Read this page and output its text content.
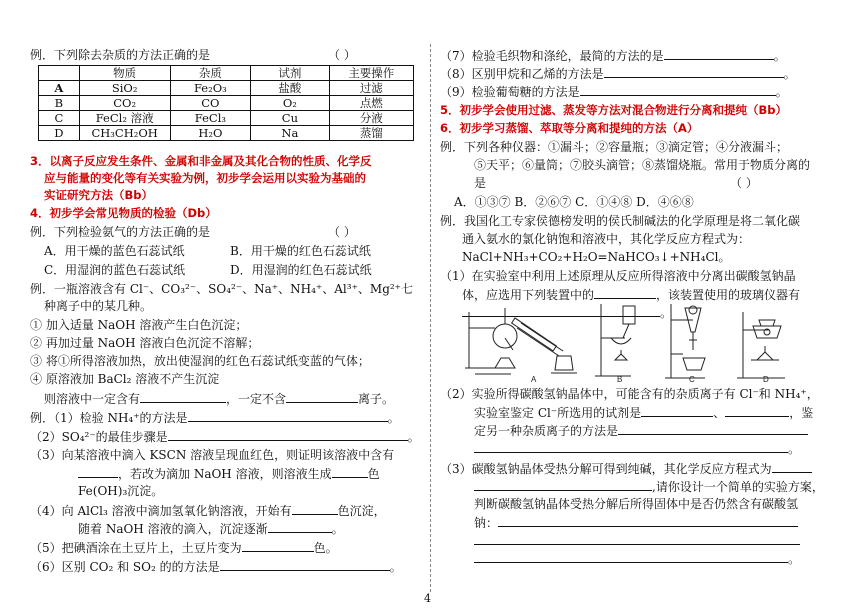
例．下列除去杂质的方法正确的是	（ ）
	物质	杂质	试剂	主要操作
A	SiO₂	Fe₂O₃	盐酸	过滤
B	CO₂	CO	O₂	点燃
C	FeCl₂ 溶液	FeCl₃	Cu	分液
D	CH₃CH₂OH	H₂O	Na	蒸馏
3．以离子反应发生条件、金属和非金属及其化合物的性质、化学反
应与能量的变化等有关实验为例，初步学会运用以实验为基础的
实证研究方法（Bb）
4．初步学会常见物质的检验（Db）
例．下列检验氨气的方法正确的是	（ ）
A．用干燥的蓝色石蕊试纸	B．用干燥的红色石蕊试纸
C．用湿润的蓝色石蕊试纸	D．用湿润的红色石蕊试纸
例．一瓶溶液含有 Cl⁻、CO₃²⁻、SO₄²⁻、Na⁺、NH₄⁺、Al³⁺、Mg²⁺七
种离子中的某几种。
① 加入适量 NaOH 溶液产生白色沉淀；
② 再加过量 NaOH 溶液白色沉淀不溶解；
③ 将①所得溶液加热，放出使湿润的红色石蕊试纸变蓝的气体；
④ 原溶液加 BaCl₂ 溶液不产生沉淀
则溶液中一定含有	，一定不含	离子。
例．（1）检验 NH₄⁺的方法是	。
（2）SO₄²⁻的最佳步骤是	。
（3）向某溶液中滴入 KSCN 溶液呈现血红色，则证明该溶液中含有
，若改为滴加 NaOH 溶液，则溶液生成	色
Fe(OH)₃沉淀。
（4）向 AlCl₃ 溶液中滴加氢氧化钠溶液，开始有	色沉淀，
随着 NaOH 溶液的滴入，沉淀逐渐	。
（5）把碘酒涂在土豆片上，土豆片变为	色。
（6）区别 CO₂ 和 SO₂ 的的方法是	。
（7）检验毛织物和涤纶，最简的方法的是	。
（8）区别甲烷和乙烯的方法是	。
（9）检验葡萄糖的方法是	。
5．初步学会使用过滤、蒸发等方法对混合物进行分离和提纯（Bb）
6．初步学习蒸馏、萃取等分离和提纯的方法（A）
例．下列各种仪器：①漏斗；②容量瓶；③滴定管；④分液漏斗；
⑤天平；⑥量筒；⑦胶头滴管；⑧蒸馏烧瓶。常用于物质分离的
是	（ ）
A．①③⑦ B．②⑥⑦ C．①④⑧ D．④⑥⑧
例．我国化工专家侯德榜发明的侯氏制碱法的化学原理是将二氧化碳
通入氨水的氯化钠饱和溶液中，其化学反应方程式为：
NaCl+NH₃+CO₂+H₂O=NaHCO₃↓+NH₄Cl。
（1）在实验室中利用上述原理从反应所得溶液中分离出碳酸氢钠晶
体，应选用下列装置中的	，该装置使用的玻璃仪器有
。
A	B	C	D
（2）实验所得碳酸氢钠晶体中，可能含有的杂质离子有 Cl⁻和 NH₄⁺，
实验室鉴定 Cl⁻所选用的试剂是	、	，鉴
定另一种杂质离子的方法是
。
（3）碳酸氢钠晶体受热分解可得到纯碱，其化学反应方程式为
,请你设计一个简单的实验方案，
判断碳酸氢钠晶体受热分解后所得固体中是否仍然含有碳酸氢
钠：
。
4
